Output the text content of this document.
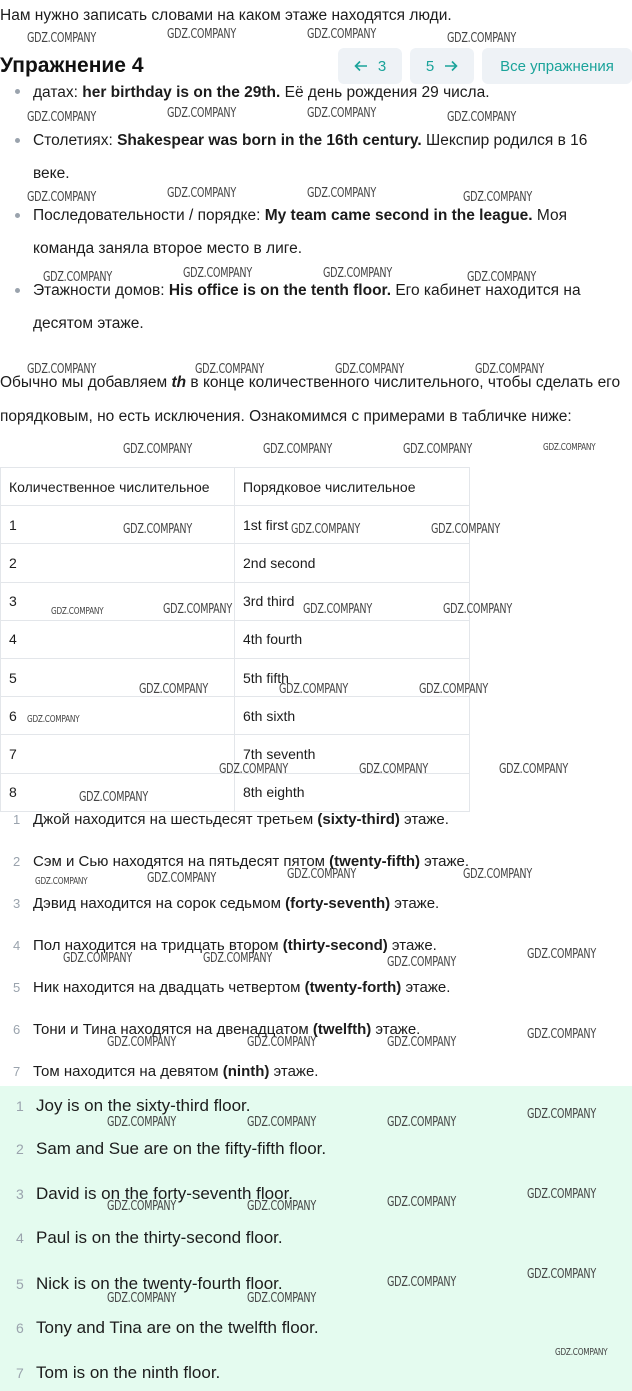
Нам нужно записать словами на каком этаже находятся люди.
Упражнение 4	3	5	Все упражнения
датах: her birthday is on the 29th. Её день рождения 29 числа.
Столетиях: Shakespear was born in the 16th century. Шекспир родился в 16 веке.
Последовательности / порядке: My team came second in the league. Моя команда заняла второе место в лиге.
Этажности домов: His office is on the tenth floor. Его кабинет находится на десятом этаже.

Обычно мы добавляем th в конце количественного числительного, чтобы сделать его порядковым, но есть исключения. Ознакомимся с примерами в табличке ниже:

Количественное числительное	Порядковое числительное
1	1st first
2	2nd second
3	3rd third
4	4th fourth
5	5th fifth
6	6th sixth
7	7th seventh
8	8th eighth
1 Джой находится на шестьдесят третьем (sixty-third) этаже.
2 Сэм и Сью находятся на пятьдесят пятом (twenty-fifth) этаже.
3 Дэвид находится на сорок седьмом (forty-seventh) этаже.
4 Пол находится на тридцать втором (thirty-second) этаже.
5 Ник находится на двадцать четвертом (twenty-forth) этаже.
6 Тони и Тина находятся на двенадцатом (twelfth) этаже.
7 Том находится на девятом (ninth) этаже.
1 Joy is on the sixty-third floor.
2 Sam and Sue are on the fifty-fifth floor.
3 David is on the forty-seventh floor.
4 Paul is on the thirty-second floor.
5 Nick is on the twenty-fourth floor.
6 Tony and Tina are on the twelfth floor.
7 Tom is on the ninth floor.
GDZ.COMPANY	GDZ.COMPANY	GDZ.COMPANY	GDZ.COMPANY
GDZ.COMPANY	GDZ.COMPANY	GDZ.COMPANY	GDZ.COMPANY
GDZ.COMPANY	GDZ.COMPANY	GDZ.COMPANY	GDZ.COMPANY
GDZ.COMPANY	GDZ.COMPANY	GDZ.COMPANY	GDZ.COMPANY
GDZ.COMPANY	GDZ.COMPANY	GDZ.COMPANY	GDZ.COMPANY
GDZ.COMPANY	GDZ.COMPANY	GDZ.COMPANY	GDZ.COMPANY
GDZ.COMPANY	GDZ.COMPANY	GDZ.COMPANY
GDZ.COMPANY	GDZ.COMPANY	GDZ.COMPANY	GDZ.COMPANY
GDZ.COMPANY	GDZ.COMPANY	GDZ.COMPANY
GDZ.COMPANY
GDZ.COMPANY	GDZ.COMPANY	GDZ.COMPANY
GDZ.COMPANY
GDZ.COMPANY	GDZ.COMPANY	GDZ.COMPANY	GDZ.COMPANY
GDZ.COMPANY	GDZ.COMPANY	GDZ.COMPANY
GDZ.COMPANY
GDZ.COMPANY	GDZ.COMPANY	GDZ.COMPANY
GDZ.COMPANY
GDZ.COMPANY	GDZ.COMPANY	GDZ.COMPANY
GDZ.COMPANY
GDZ.COMPANY	GDZ.COMPANY	GDZ.COMPANY
GDZ.COMPANY
GDZ.COMPANY	GDZ.COMPANY
GDZ.COMPANY
GDZ.COMPANY
GDZ.COMPANY
